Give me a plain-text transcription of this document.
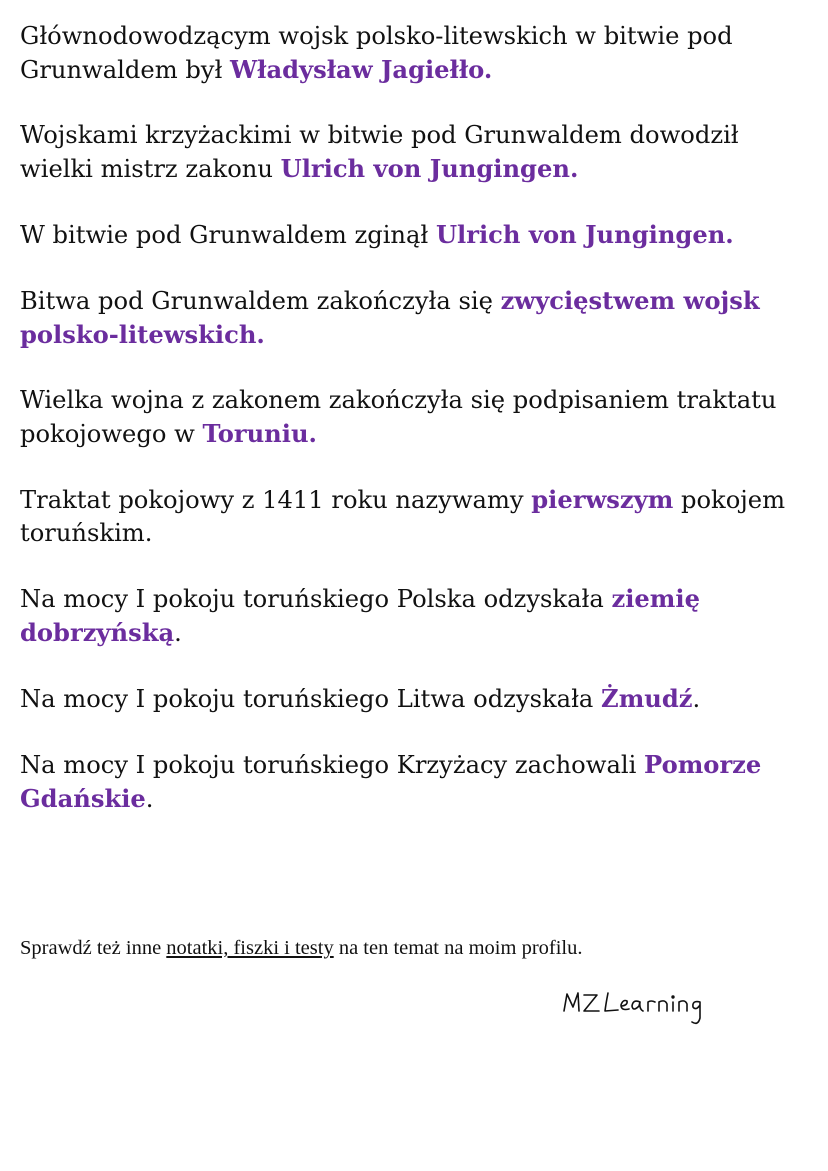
Głównodowodzącym wojsk polsko-litewskich w bitwie pod Grunwaldem był Władysław Jagiełło.

Wojskami krzyżackimi w bitwie pod Grunwaldem dowodził wielki mistrz zakonu Ulrich von Jungingen.

W bitwie pod Grunwaldem zginął Ulrich von Jungingen.

Bitwa pod Grunwaldem zakończyła się zwycięstwem wojsk polsko-litewskich.

Wielka wojna z zakonem zakończyła się podpisaniem traktatu pokojowego w Toruniu.

Traktat pokojowy z 1411 roku nazywamy pierwszym pokojem toruńskim.

Na mocy I pokoju toruńskiego Polska odzyskała ziemię dobrzyńską.

Na mocy I pokoju toruńskiego Litwa odzyskała Żmudź.

Na mocy I pokoju toruńskiego Krzyżacy zachowali Pomorze Gdańskie.

Sprawdź też inne notatki, fiszki i testy na ten temat na moim profilu.
